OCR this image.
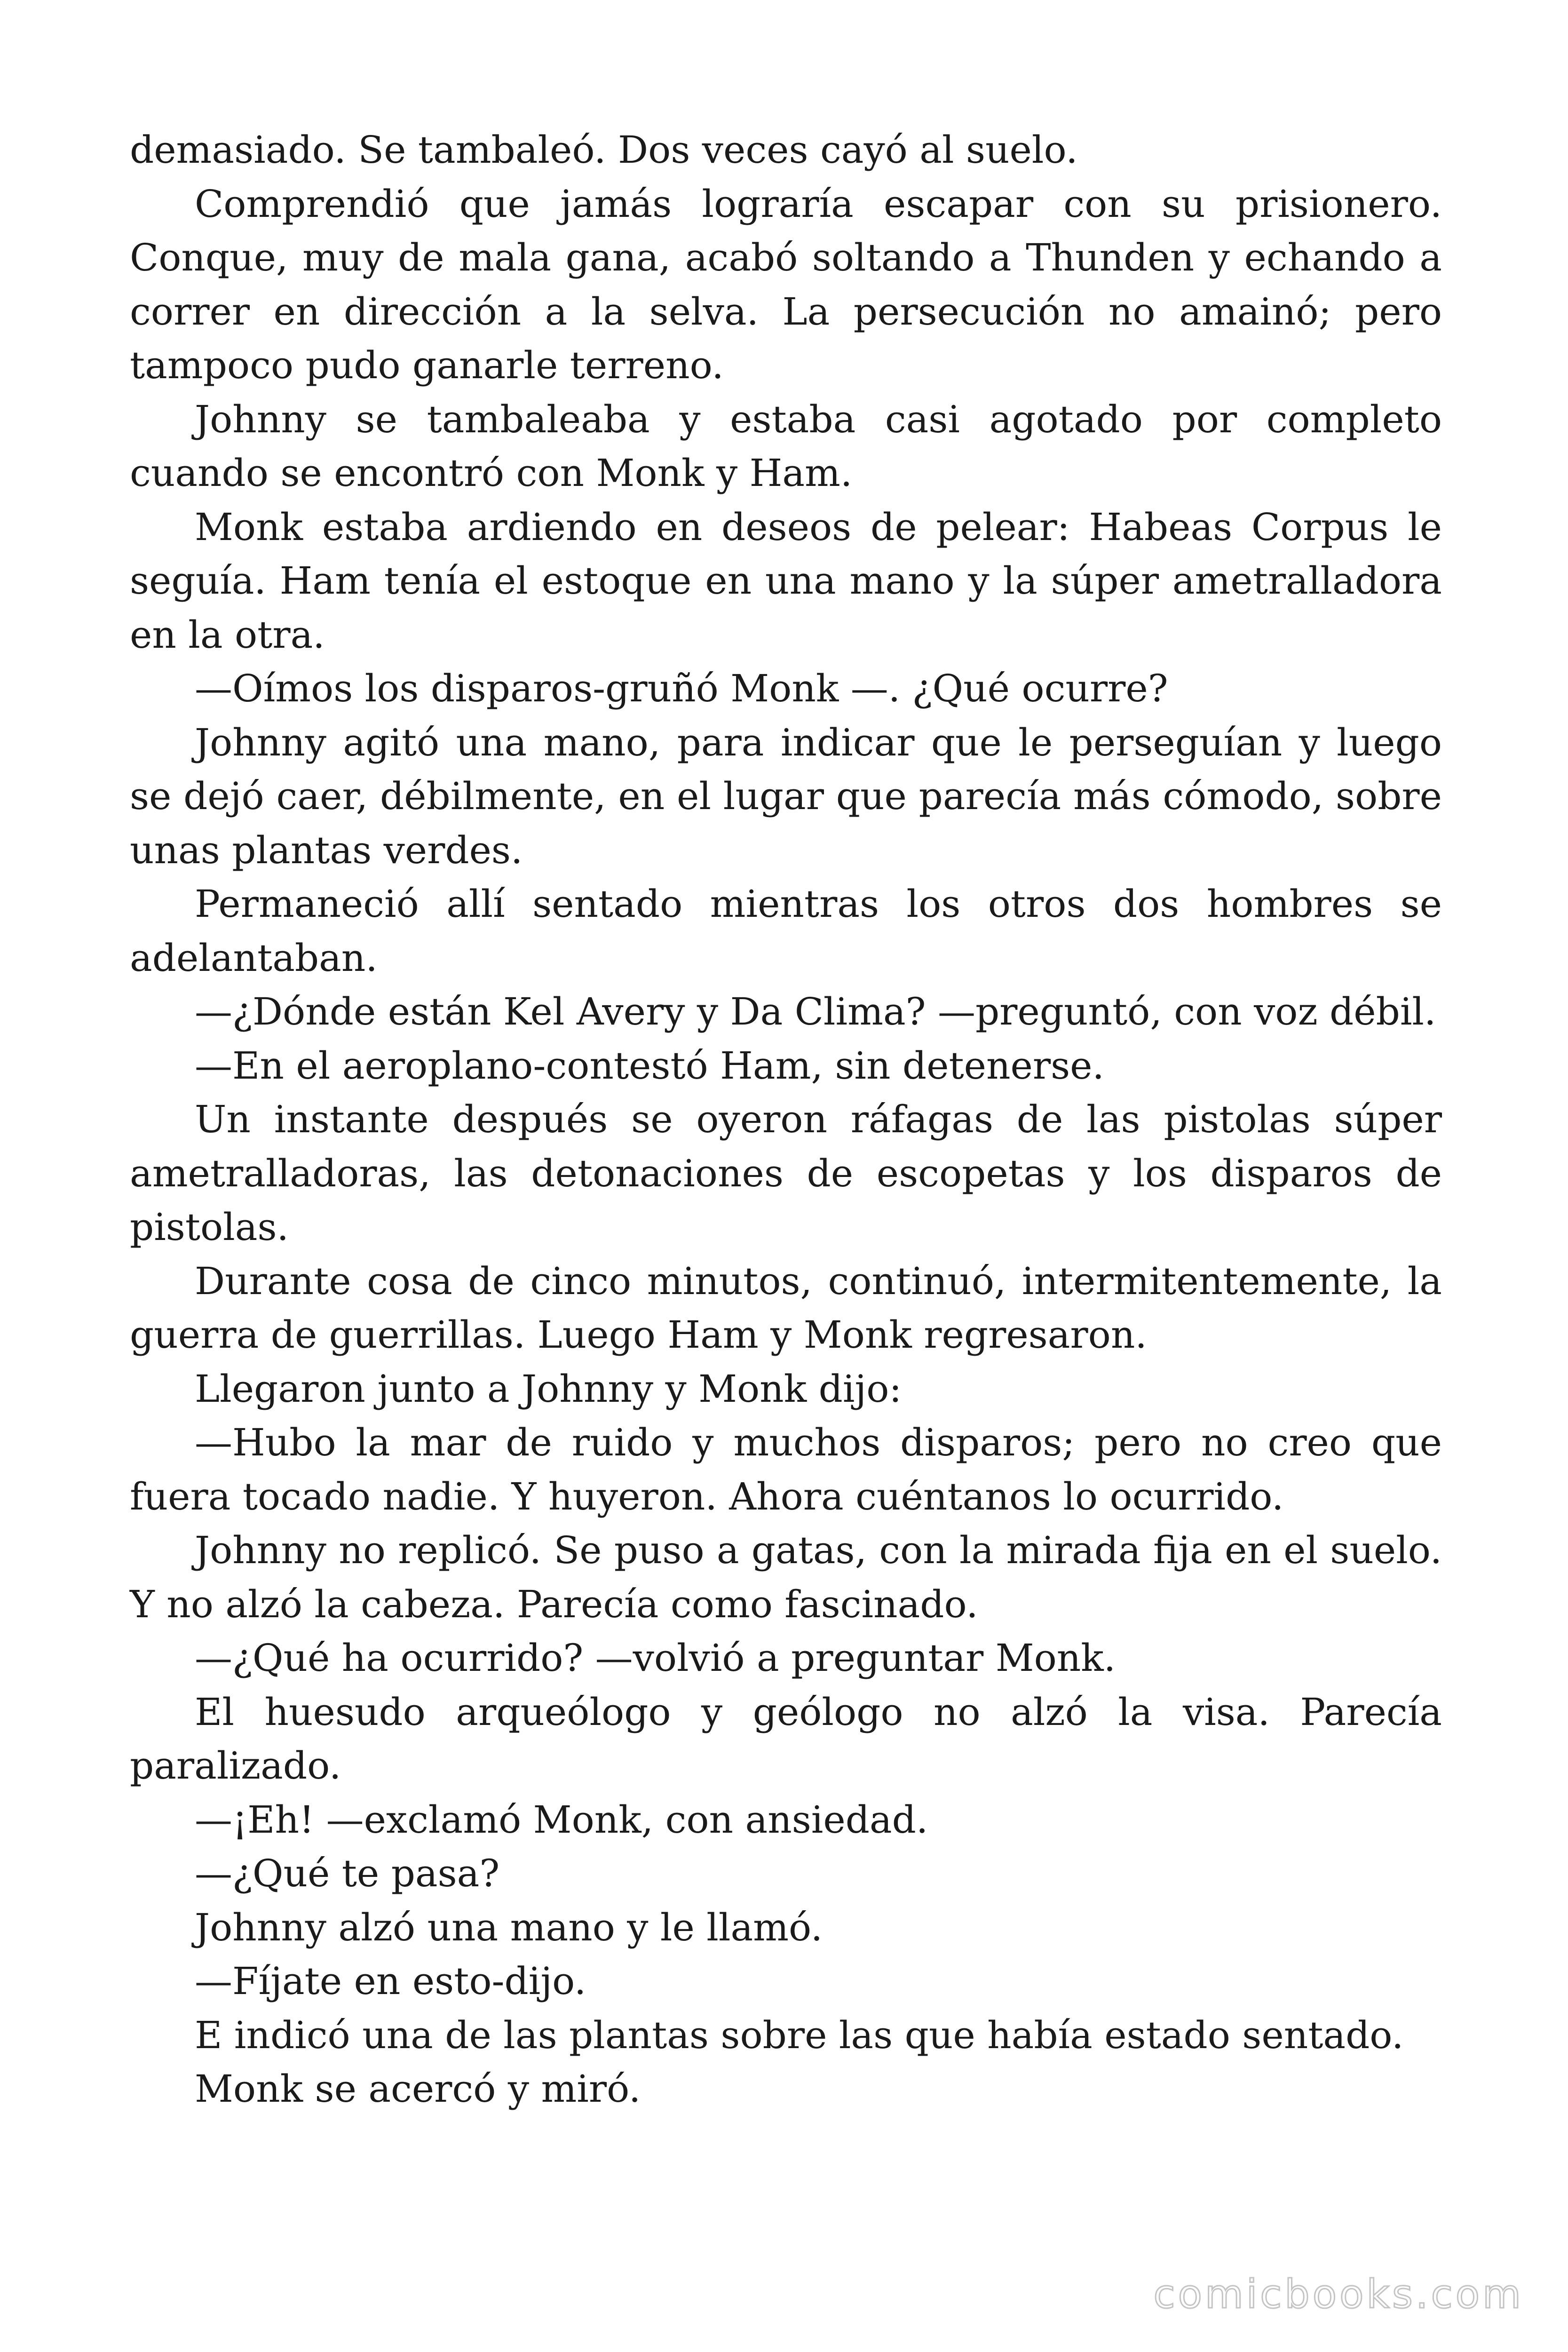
demasiado. Se tambaleó. Dos veces cayó al suelo.

Comprendió que jamás lograría escapar con su prisionero. Conque, muy de mala gana, acabó soltando a Thunden y echando a correr en dirección a la selva. La persecución no amainó; pero tampoco pudo ganarle terreno.

Johnny se tambaleaba y estaba casi agotado por completo cuando se encontró con Monk y Ham.

Monk estaba ardiendo en deseos de pelear: Habeas Corpus le seguía. Ham tenía el estoque en una mano y la súper ametralladora en la otra.

—Oímos los disparos-gruñó Monk —. ¿Qué ocurre?

Johnny agitó una mano, para indicar que le perseguían y luego se dejó caer, débilmente, en el lugar que parecía más cómodo, sobre unas plantas verdes.

Permaneció allí sentado mientras los otros dos hombres se adelantaban.

—¿Dónde están Kel Avery y Da Clima? —preguntó, con voz débil.

—En el aeroplano-contestó Ham, sin detenerse.

Un instante después se oyeron ráfagas de las pistolas súper ametralladoras, las detonaciones de escopetas y los disparos de pistolas.

Durante cosa de cinco minutos, continuó, intermitentemente, la guerra de guerrillas. Luego Ham y Monk regresaron.

Llegaron junto a Johnny y Monk dijo:

—Hubo la mar de ruido y muchos disparos; pero no creo que fuera tocado nadie. Y huyeron. Ahora cuéntanos lo ocurrido.

Johnny no replicó. Se puso a gatas, con la mirada fija en el suelo. Y no alzó la cabeza. Parecía como fascinado.

—¿Qué ha ocurrido? —volvió a preguntar Monk.

El huesudo arqueólogo y geólogo no alzó la visa. Parecía paralizado.

—¡Eh! —exclamó Monk, con ansiedad.

—¿Qué te pasa?

Johnny alzó una mano y le llamó.

—Fíjate en esto-dijo.

E indicó una de las plantas sobre las que había estado sentado.

Monk se acercó y miró.

comicbooks.com
